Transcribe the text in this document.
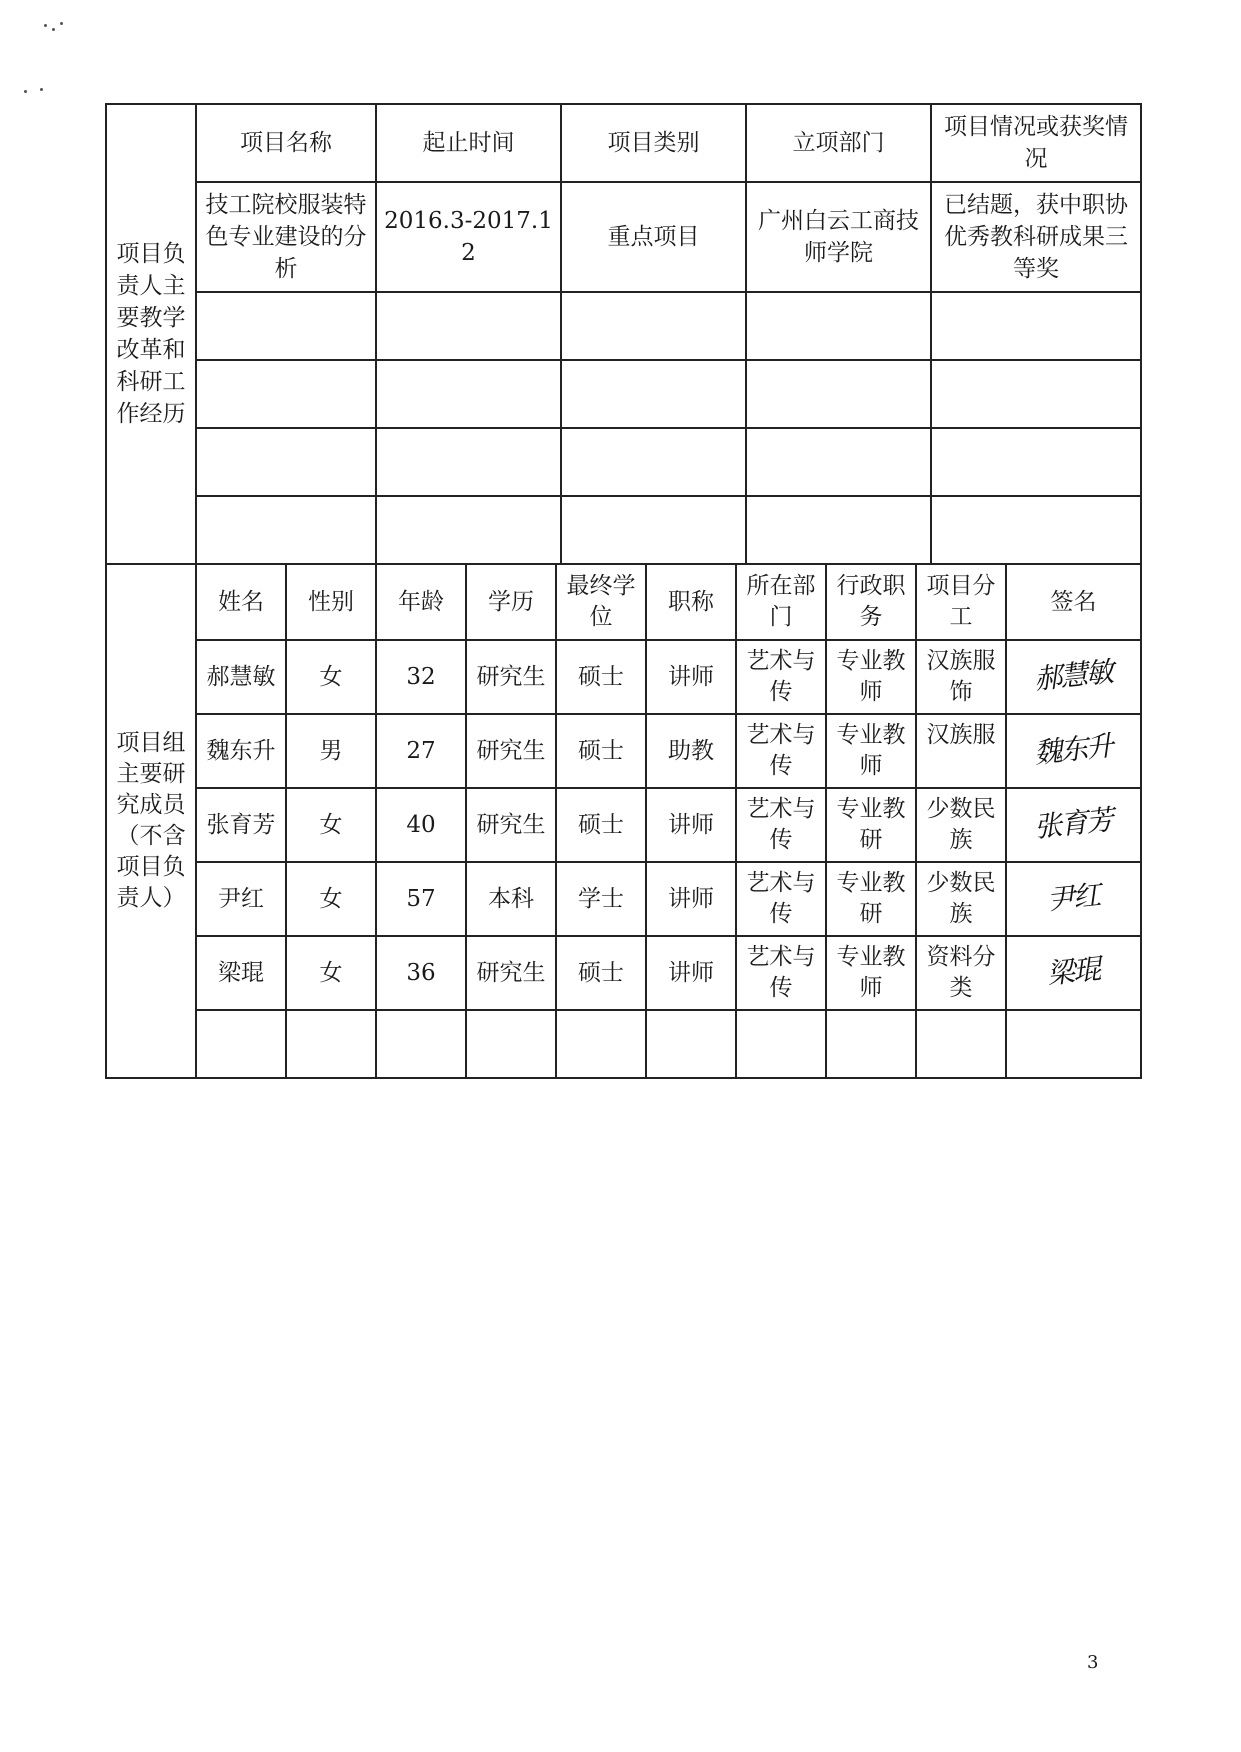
项目负责人主要教学改革和科研工作经历	项目名称	起止时间	项目类别	立项部门	项目情况或获奖情况
	技工院校服装特色专业建设的分析	2016.3-2017.12	重点项目	广州白云工商技师学院	已结题，获中职协优秀教科研成果三等奖

项目组主要研究成员（不含项目负责人）	姓名	性别	年龄	学历	最终学位	职称	所在部门	行政职务	项目分工	签名
	郝慧敏	女	32	研究生	硕士	讲师	艺术与传	专业教师	汉族服饰	郝慧敏
	魏东升	男	27	研究生	硕士	助教	艺术与传	专业教师	汉族服	魏东升
	张育芳	女	40	研究生	硕士	讲师	艺术与传	专业教研	少数民族	张育芳
	尹红	女	57	本科	学士	讲师	艺术与传	专业教研	少数民族	尹红
	梁琨	女	36	研究生	硕士	讲师	艺术与传	专业教师	资料分类	梁琨

3
